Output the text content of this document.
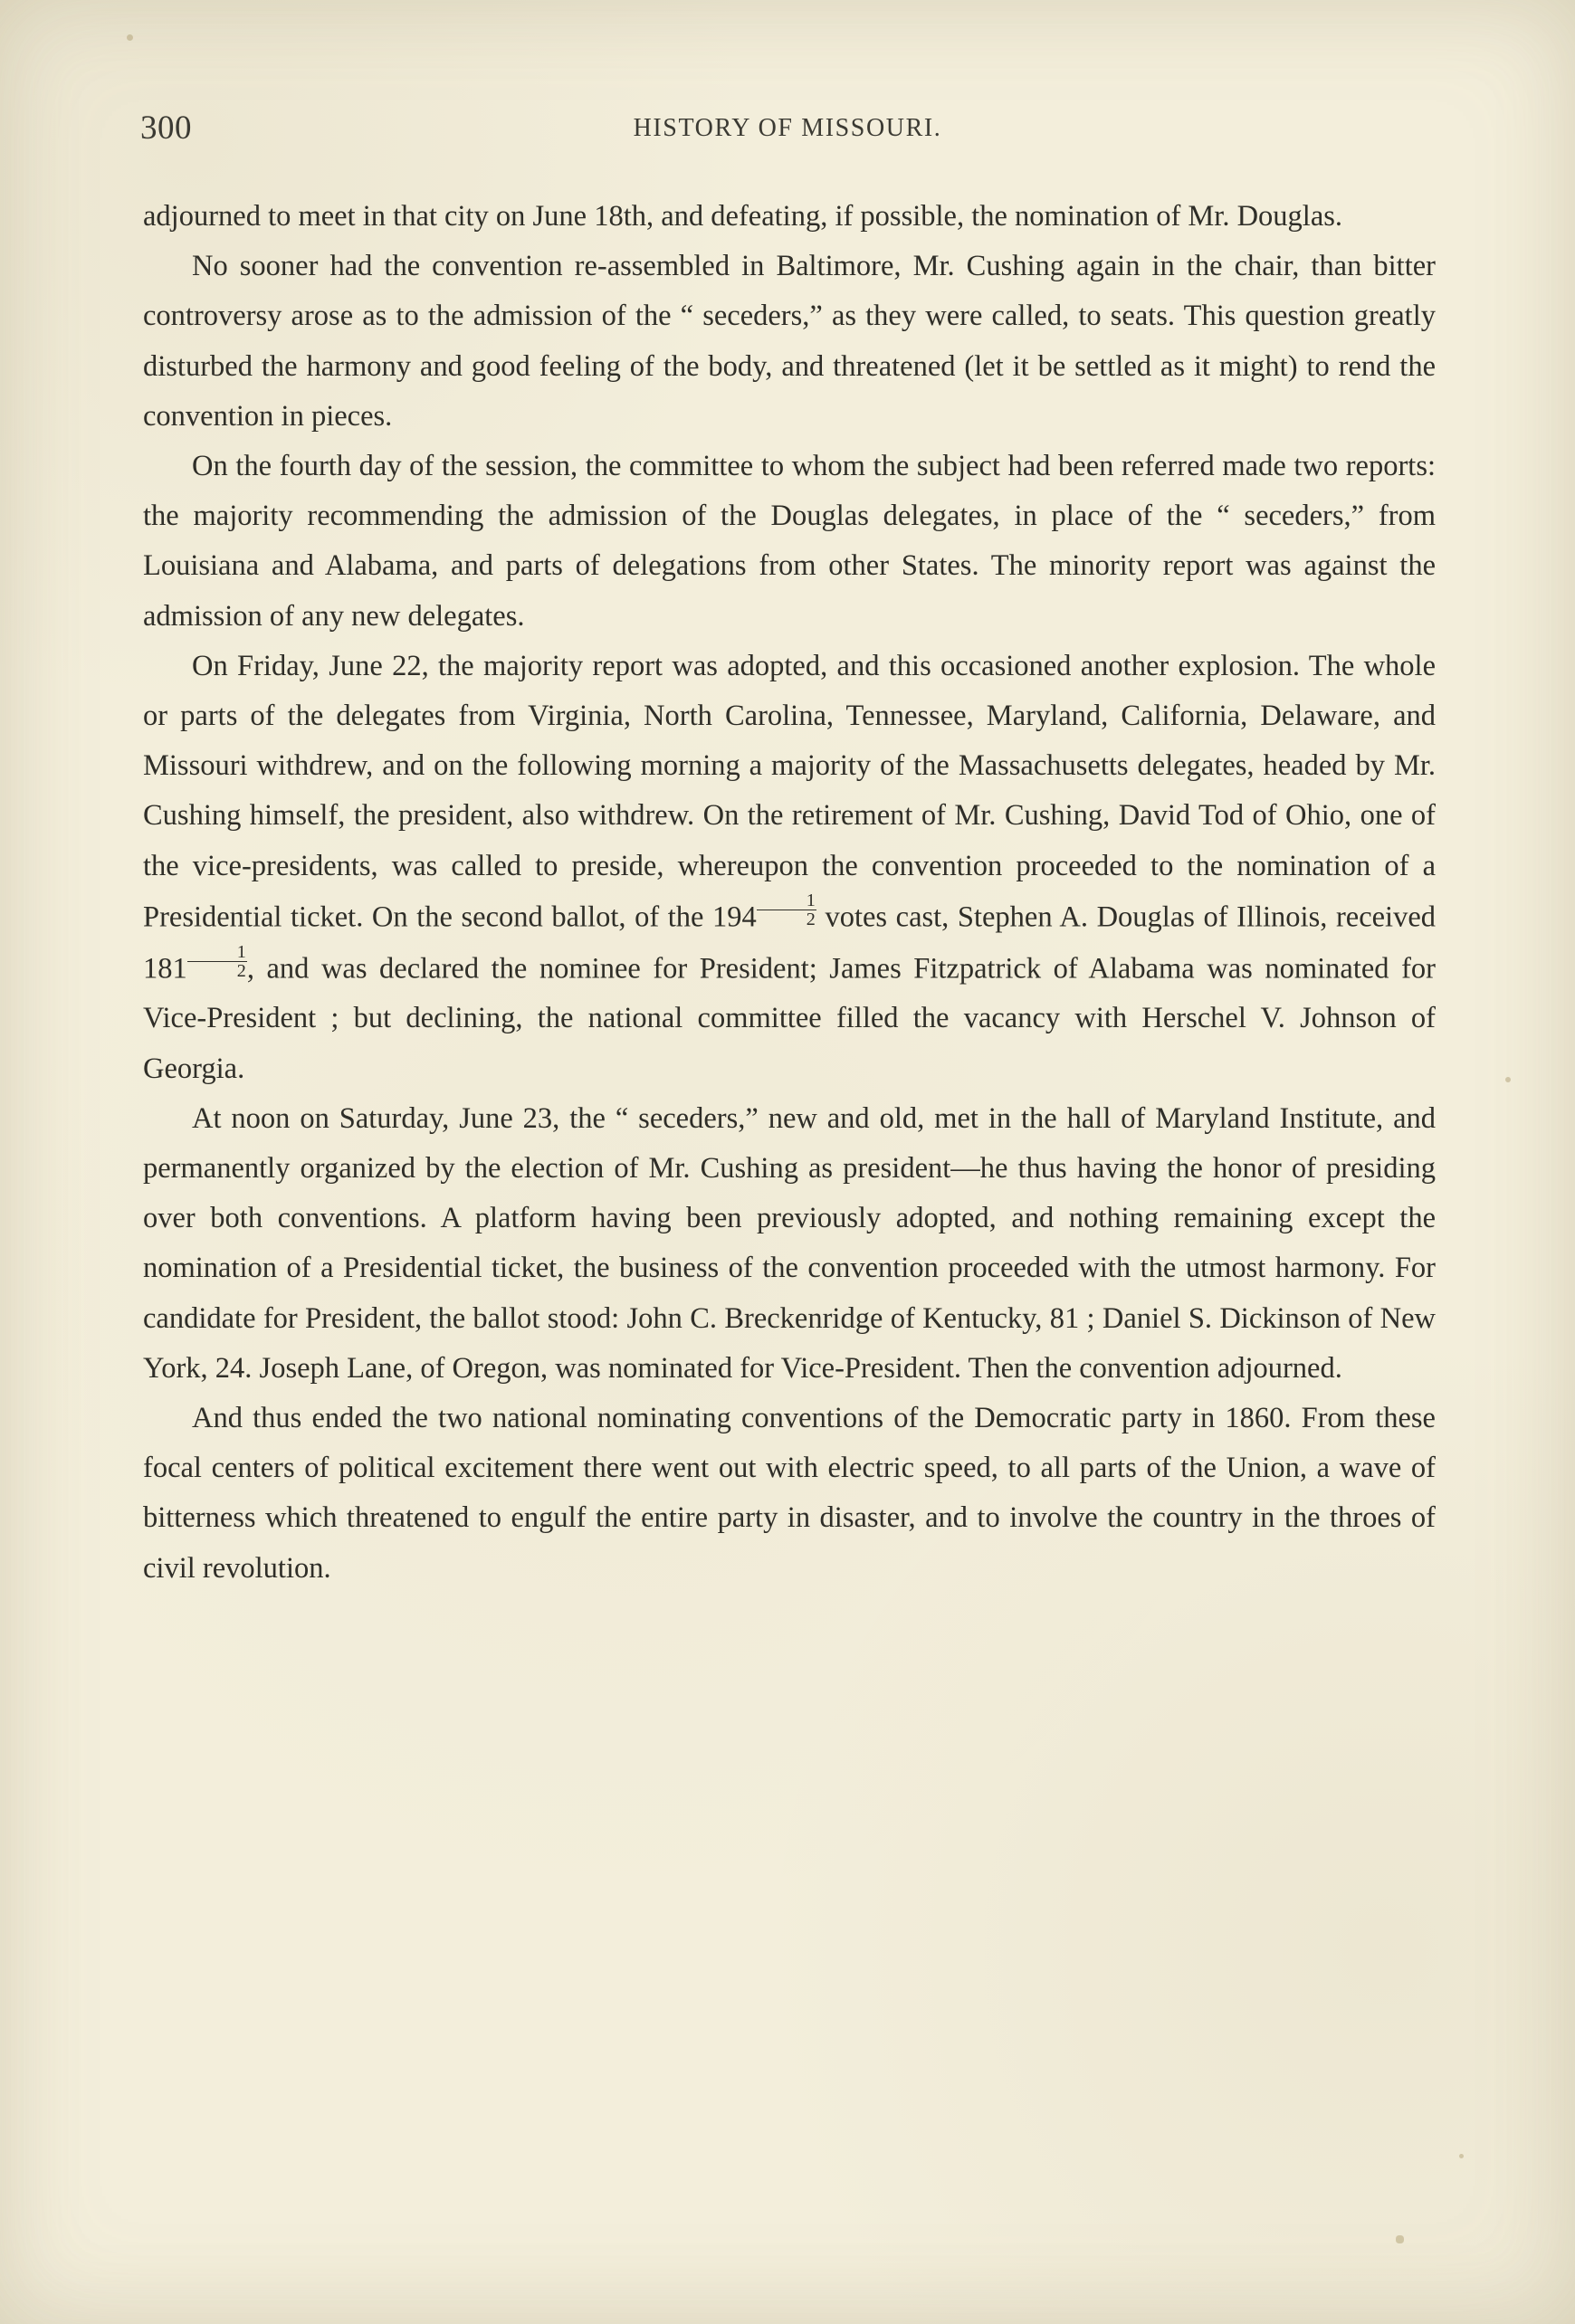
300	HISTORY OF MISSOURI.

adjourned to meet in that city on June 18th, and defeating, if possible, the nomination of Mr. Douglas.

No sooner had the convention re-assembled in Baltimore, Mr. Cushing again in the chair, than bitter controversy arose as to the admission of the “ seceders,” as they were called, to seats. This question greatly disturbed the harmony and good feeling of the body, and threatened (let it be settled as it might) to rend the convention in pieces.

On the fourth day of the session, the committee to whom the subject had been referred made two reports: the majority recommending the admission of the Douglas delegates, in place of the “ seceders,” from Louisiana and Alabama, and parts of delegations from other States. The minority report was against the admission of any new delegates.

On Friday, June 22, the majority report was adopted, and this occasioned another explosion. The whole or parts of the delegates from Virginia, North Carolina, Tennessee, Maryland, California, Delaware, and Missouri withdrew, and on the following morning a majority of the Massachusetts delegates, headed by Mr. Cushing himself, the president, also withdrew. On the retirement of Mr. Cushing, David Tod of Ohio, one of the vice-presidents, was called to preside, whereupon the convention proceeded to the nomination of a Presidential ticket. On the second ballot, of the $194 \frac{1}{2}$ votes cast, Stephen A. Douglas of Illinois, received $181 \frac{1}{2}$ , and was declared the nominee for President; James Fitzpatrick of Alabama was nominated for Vice-President ; but declining, the national committee filled the vacancy with Herschel V. Johnson of Georgia.

At noon on Saturday, June 23, the “ seceders,” new and old, met in the hall of Maryland Institute, and permanently organized by the election of Mr. Cushing as president—he thus having the honor of presiding over both conventions. A platform having been previously adopted, and nothing remaining except the nomination of a Presidential ticket, the business of the convention proceeded with the utmost harmony. For candidate for President, the ballot stood: John C. Breckenridge of Kentucky, 81 ; Daniel S. Dickinson of New York, 24. Joseph Lane, of Oregon, was nominated for Vice-President. Then the convention adjourned.

And thus ended the two national nominating conventions of the Democratic party in 1860. From these focal centers of political excitement there went out with electric speed, to all parts of the Union, a wave of bitterness which threatened to engulf the entire party in disaster, and to involve the country in the throes of civil revolution.
